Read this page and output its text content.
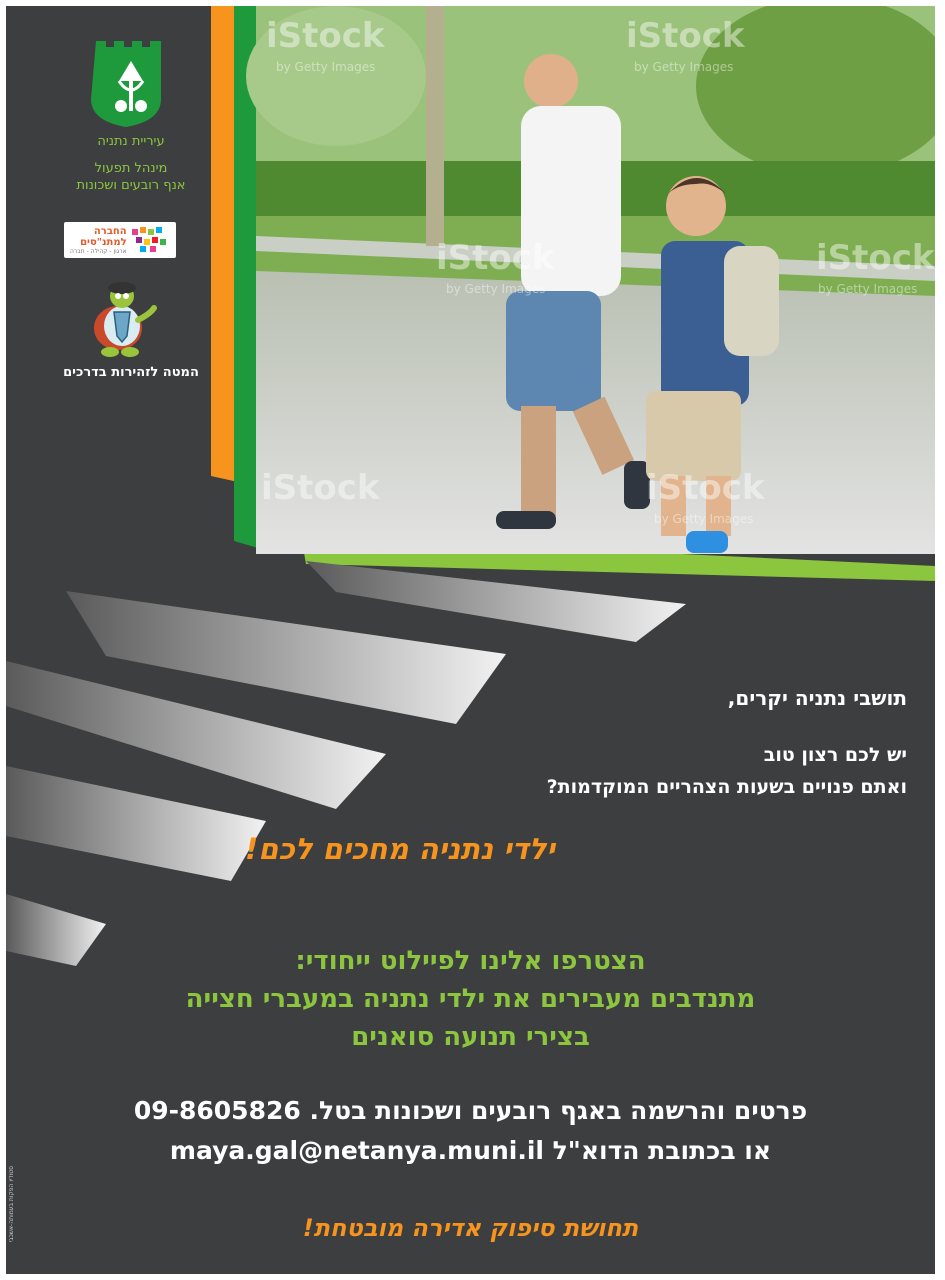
iStock
by Getty Images
iStock
by Getty Images
iStock
by Getty Images
iStock
by Getty Images
iStock	iStock
by Getty Images
עיריית נתניה
מינהל תפעול
אנף רובעים ושכונות
החברה
למתנ"סים
ארגון - קהילה - חברה
המטה לזהירות בדרכים
תושבי נתניה יקרים,
יש לכם רצון טוב
ואתם פנויים בשעות הצהריים המוקדמות?
ילדי נתניה מחכים לכם!
הצטרפו אלינו לפיילוט ייחודי:
מתנדבים מעבירים את ילדי נתניה במעברי חצייה
בצירי תנועה סואנים
פרטים והרשמה באגף רובעים ושכונות בטל. 09-8605826
או בכתובת הדוא"ל maya.gal@netanya.muni.il
תחושת סיפוק אדירה מובטחת!
סטודיו הפקות בעמותה-אשכבי
